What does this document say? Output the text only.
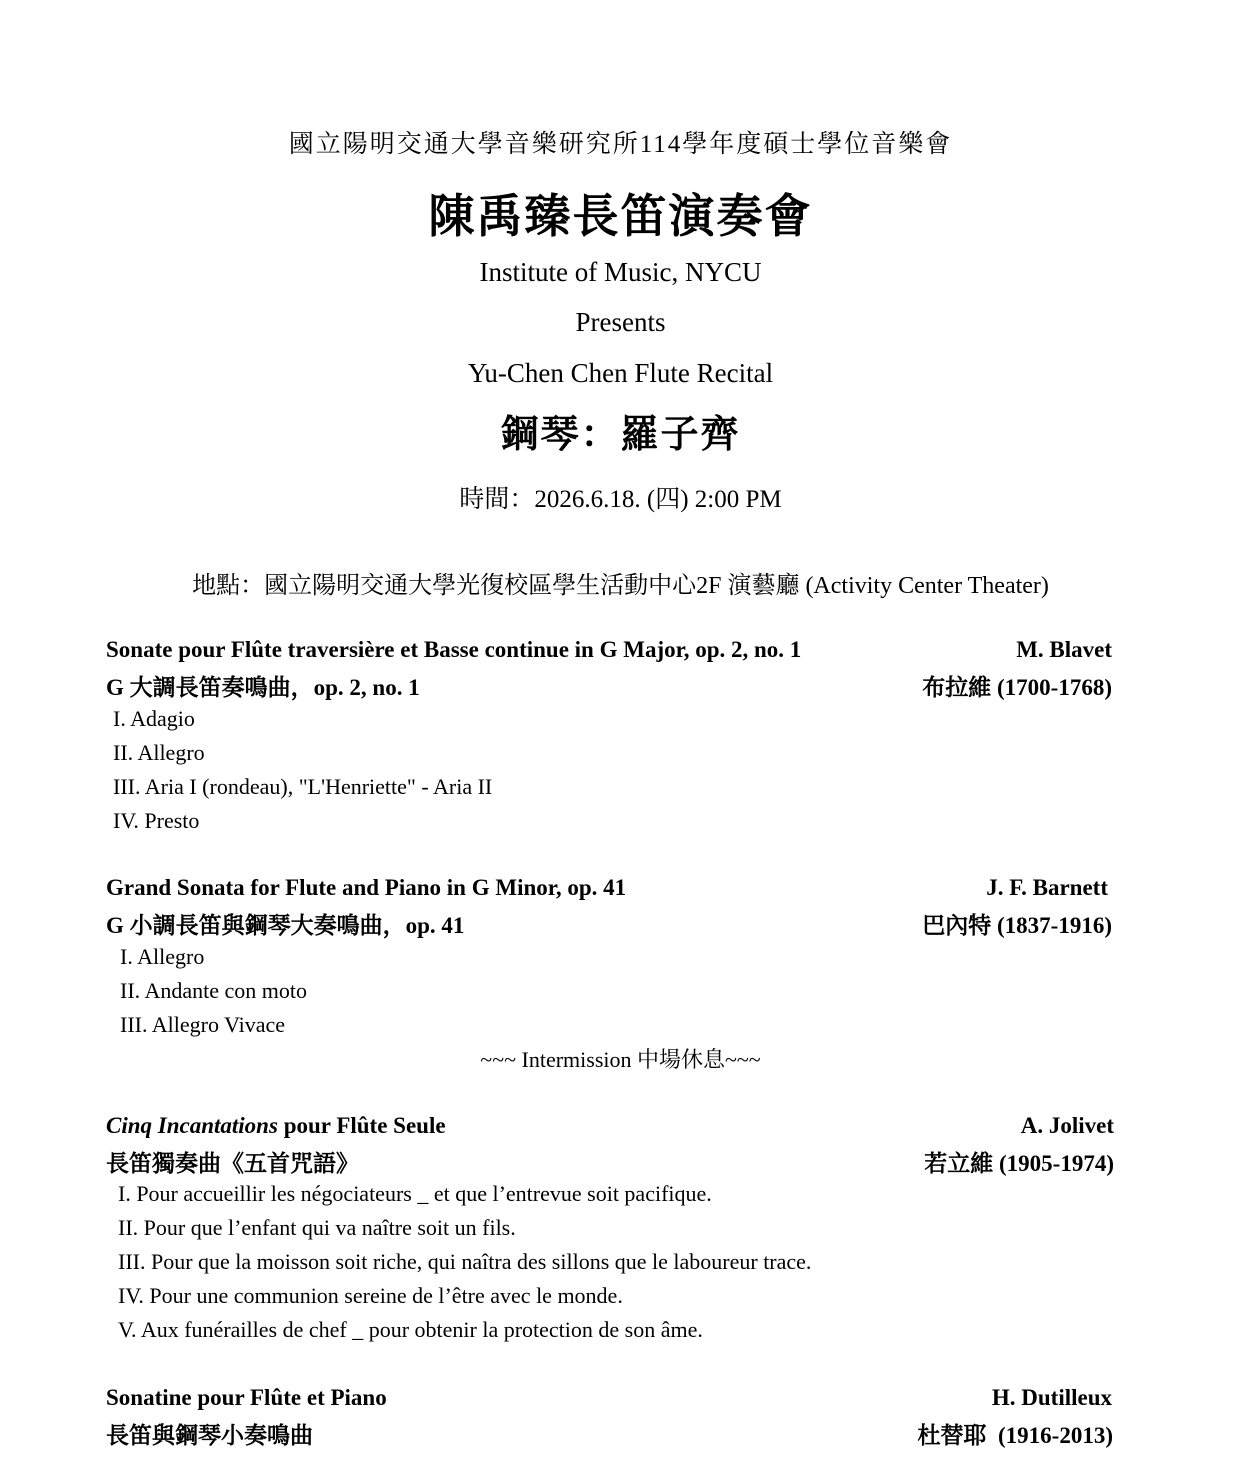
國立陽明交通大學音樂研究所114學年度碩士學位音樂會
陳禹臻長笛演奏會
Institute of Music, NYCU
Presents
Yu-Chen Chen Flute Recital
鋼琴：羅子齊
時間：2026.6.18. (四) 2:00 PM
地點：國立陽明交通大學光復校區學生活動中心2F 演藝廳 (Activity Center Theater)
Sonate pour Flûte traversière et Basse continue in G Major, op. 2, no. 1	M. Blavet
G 大調長笛奏鳴曲，op. 2, no. 1	布拉維 (1700-1768)
I. Adagio
II. Allegro
III. Aria I (rondeau), "L'Henriette" - Aria II
IV. Presto
Grand Sonata for Flute and Piano in G Minor, op. 41	J. F. Barnett
G 小調長笛與鋼琴大奏鳴曲，op. 41	巴內特 (1837-1916)
I. Allegro
II. Andante con moto
III. Allegro Vivace
~~~ Intermission 中場休息~~~
Cinq Incantations pour Flûte Seule	A. Jolivet
長笛獨奏曲《五首咒語》	若立維 (1905-1974)
I. Pour accueillir les négociateurs _ et que l’entrevue soit pacifique.
II. Pour que l’enfant qui va naître soit un fils.
III. Pour que la moisson soit riche, qui naîtra des sillons que le laboureur trace.
IV. Pour une communion sereine de l’être avec le monde.
V. Aux funérailles de chef _ pour obtenir la protection de son âme.
Sonatine pour Flûte et Piano	H. Dutilleux
長笛與鋼琴小奏鳴曲	杜替耶  (1916-2013)
